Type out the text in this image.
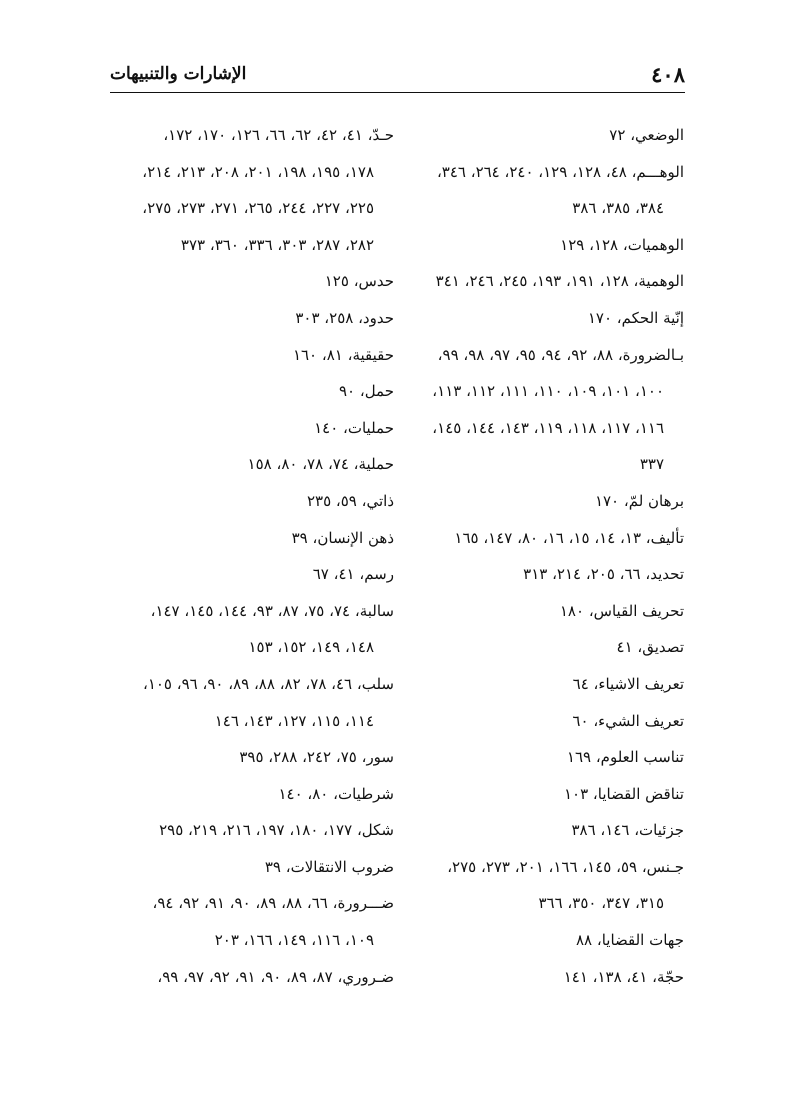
٤٠٨
الإشارات والتنبيهات
الوضعي، ٧٢
الوهـــم، ٤٨، ١٢٨، ١٢٩، ٢٤٠، ٢٦٤، ٣٤٦،
٣٨٤، ٣٨٥، ٣٨٦
الوهميات، ١٢٨، ١٢٩
الوهمية، ١٢٨، ١٩١، ١٩٣، ٢٤٥، ٢٤٦، ٣٤١
إنّية الحكم، ١٧٠
بـالضرورة، ٨٨، ٩٢، ٩٤، ٩٥، ٩٧، ٩٨، ٩٩،
١٠٠، ١٠١، ١٠٩، ١١٠، ١١١، ١١٢، ١١٣،
١١٦، ١١٧، ١١٨، ١١٩، ١٤٣، ١٤٤، ١٤٥،
٣٣٧
برهان لمّ، ١٧٠
تأليف، ١٣، ١٤، ١٥، ١٦، ٨٠، ١٤٧، ١٦٥
تحديد، ٦٦، ٢٠٥، ٢١٤، ٣١٣
تحريف القياس، ١٨٠
تصديق، ٤١
تعريف الاشياء، ٦٤
تعريف الشيء، ٦٠
تناسب العلوم، ١٦٩
تناقض القضايا، ١٠٣
جزئيات، ١٤٦، ٣٨٦
جـنس، ٥٩، ١٤٥، ١٦٦، ٢٠١، ٢٧٣، ٢٧٥،
٣١٥، ٣٤٧، ٣٥٠، ٣٦٦
جهات القضايا، ٨٨
حجّة، ٤١، ١٣٨، ١٤١
حـدّ، ٤١، ٤٢، ٦٢، ٦٦، ١٢٦، ١٧٠، ١٧٢،
١٧٨، ١٩٥، ١٩٨، ٢٠١، ٢٠٨، ٢١٣، ٢١٤،
٢٢٥، ٢٢٧، ٢٤٤، ٢٦٥، ٢٧١، ٢٧٣، ٢٧٥،
٢٨٢، ٢٨٧، ٣٠٣، ٣٣٦، ٣٦٠، ٣٧٣
حدس، ١٢٥
حدود، ٢٥٨، ٣٠٣
حقيقية، ٨١، ١٦٠
حمل، ٩٠
حمليات، ١٤٠
حملية، ٧٤، ٧٨، ٨٠، ١٥٨
ذاتي، ٥٩، ٢٣٥
ذهن الإنسان، ٣٩
رسم، ٤١، ٦٧
سالبة، ٧٤، ٧٥، ٨٧، ٩٣، ١٤٤، ١٤٥، ١٤٧،
١٤٨، ١٤٩، ١٥٢، ١٥٣
سلب، ٤٦، ٧٨، ٨٢، ٨٨، ٨٩، ٩٠، ٩٦، ١٠٥،
١١٤، ١١٥، ١٢٧، ١٤٣، ١٤٦
سور، ٧٥، ٢٤٢، ٢٨٨، ٣٩٥
شرطيات، ٨٠، ١٤٠
شكل، ١٧٧، ١٨٠، ١٩٧، ٢١٦، ٢١٩، ٢٩٥
ضروب الانتقالات، ٣٩
ضـــرورة، ٦٦، ٨٨، ٨٩، ٩٠، ٩١، ٩٢، ٩٤،
١٠٩، ١١٦، ١٤٩، ١٦٦، ٢٠٣
ضـروري، ٨٧، ٨٩، ٩٠، ٩١، ٩٢، ٩٧، ٩٩،
